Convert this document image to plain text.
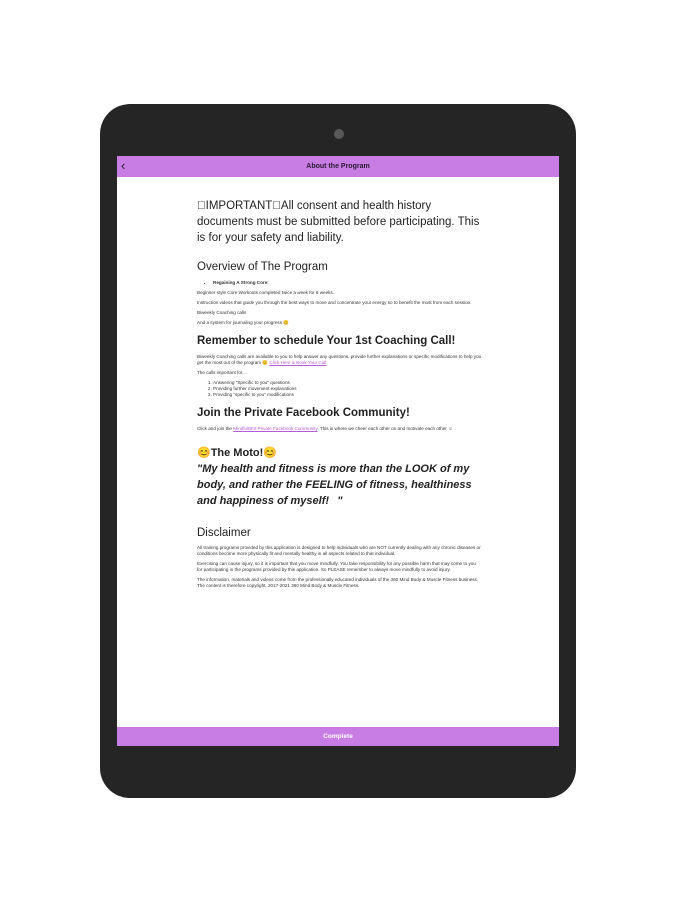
‹	About the Program
 IMPORTANT All consent and health history documents must be submitted before participating. This is for your safety and liability.
Overview of The Program
• Regaining A Strong Core:

Beginner style Core Workouts completed twice a week for 6 weeks.

Instruction videos that guide you through the best ways to move and concentrate your energy so to benefit the most from each session.

Biweekly Coaching calls

And a system for journaling your progress 😊

Remember to schedule Your 1st Coaching Call!

Biweekly Coaching calls are available to you to help answer any questions, provide further explanations or specific modifications to help you get the most out of the program 😊 Click Here & Book Your Call

The calls important for...

1. Answering "Specific to you" questions
2. Providing further movement explanations
3. Providing "specific to you" modifications
Join the Private Facebook Community!

Click and join the MindfulBFit Private Facebook Community. This is where we cheer each other on and motivate each other ☺

😊The Moto!😊
"My health and fitness is more than the LOOK of my body, and rather the FEELING of fitness, healthiness and happiness of myself! "
Disclaimer

All training programs provided by this application is designed to help individuals who are NOT currently dealing with any chronic diseases or conditions become more physically fit and mentally healthy in all aspects related to that individual.

Exercising can cause injury, so it is important that you move mindfully. You take responsibility for any possible harm that may come to you for participating in the programs provided by this application. So PLEASE remember to always move mindfully to avoid injury.

The information, materials and videos come from the professionally educated individuals of the 360 Mind Body & Muscle Fitness business. The content is therefore copyright, 2017-2021 360 Mind Body & Muscle Fitness.

Complete
